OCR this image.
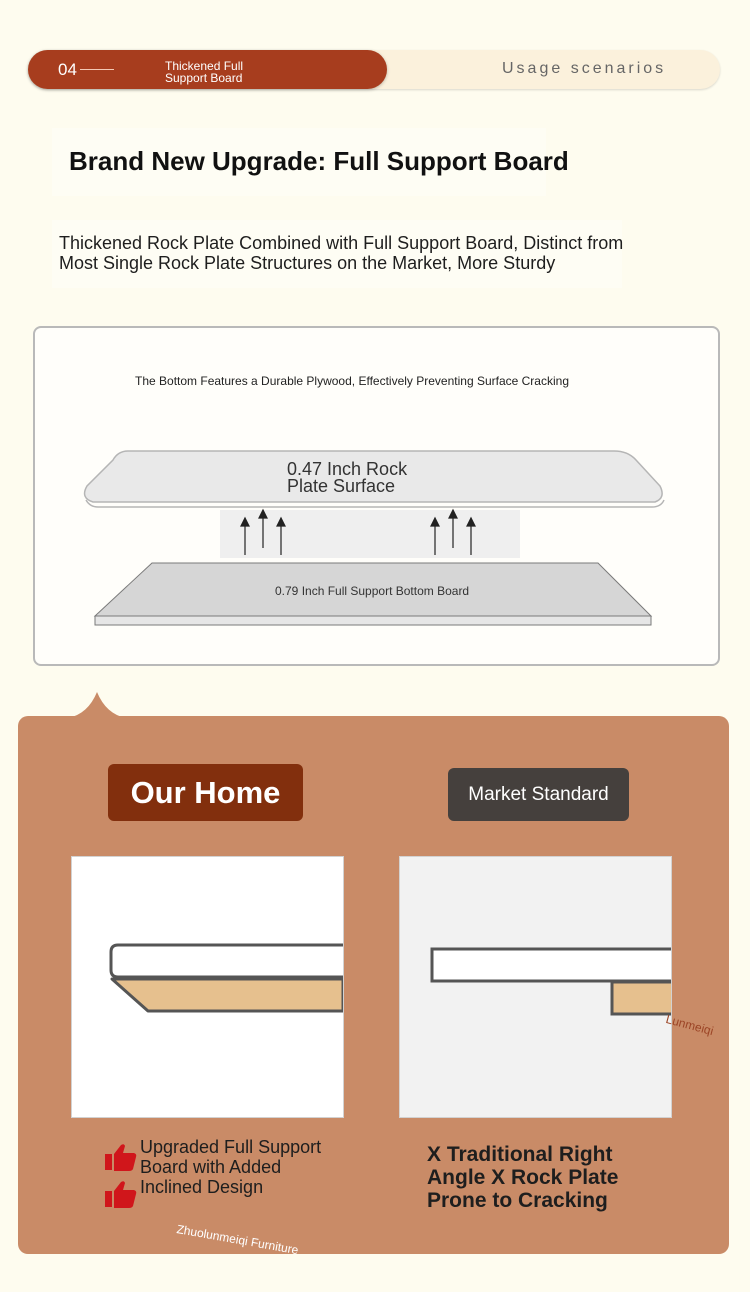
04	Thickened Full Support Board
Usage scenarios
Brand New Upgrade: Full Support Board
Thickened Rock Plate Combined with Full Support Board, Distinct from Most Single Rock Plate Structures on the Market, More Sturdy
The Bottom Features a Durable Plywood, Effectively Preventing Surface Cracking
0.47 Inch Rock Plate Surface
0.79 Inch Full Support Bottom Board
Our Home	Market Standard
Upgraded Full Support Board with Added Inclined Design
X Traditional Right Angle X Rock Plate Prone to Cracking
Zhuolunmeiqi Furniture
Lunmeiqi
